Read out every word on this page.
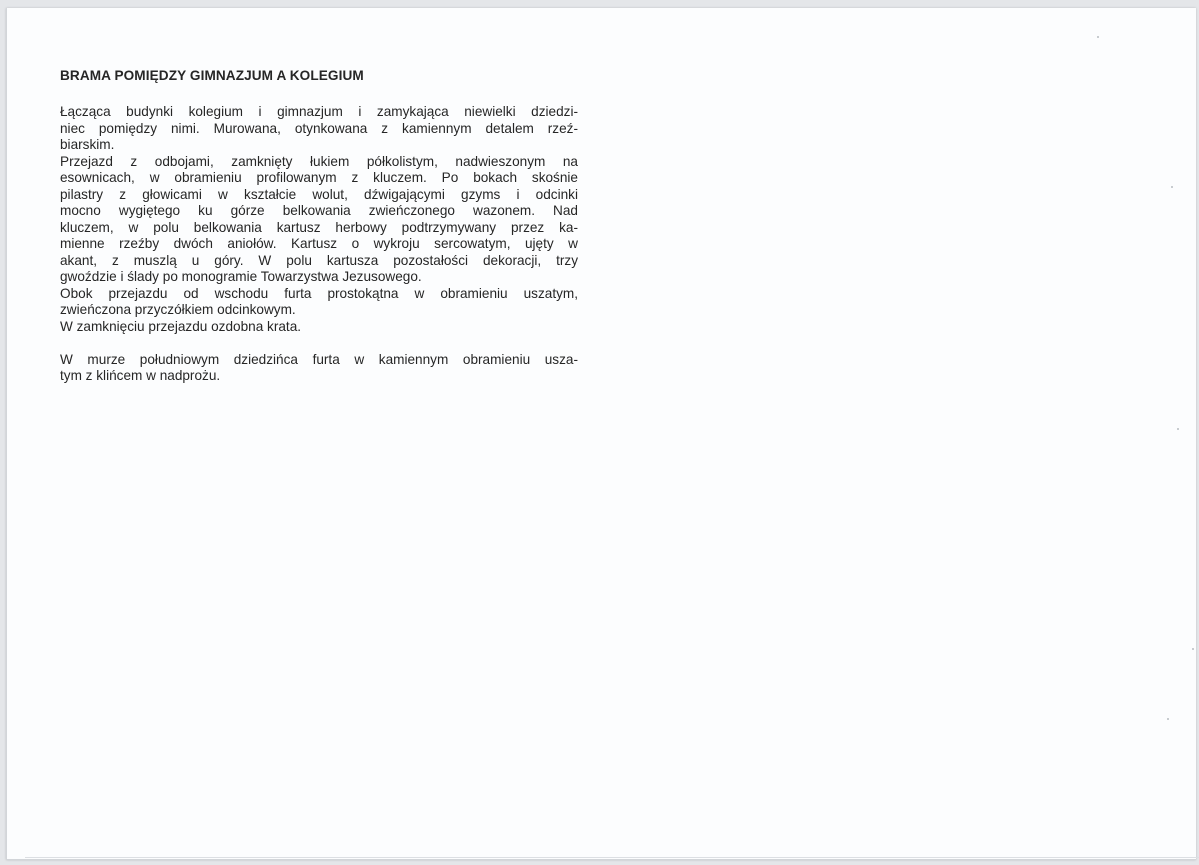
BRAMA POMIĘDZY GIMNAZJUM A KOLEGIUM
Łącząca budynki kolegium i gimnazjum i zamykająca niewielki dziedzi-
niec pomiędzy nimi. Murowana, otynkowana z kamiennym detalem rzeź-
biarskim.
Przejazd z odbojami, zamknięty łukiem półkolistym, nadwieszonym na
esownicach, w obramieniu profilowanym z kluczem. Po bokach skośnie
pilastry z głowicami w kształcie wolut, dźwigającymi gzyms i odcinki
mocno wygiętego ku górze belkowania zwieńczonego wazonem. Nad
kluczem, w polu belkowania kartusz herbowy podtrzymywany przez ka-
mienne rzeźby dwóch aniołów. Kartusz o wykroju sercowatym, ujęty w
akant, z muszlą u góry. W polu kartusza pozostałości dekoracji, trzy
gwoździe i ślady po monogramie Towarzystwa Jezusowego.
Obok przejazdu od wschodu furta prostokątna w obramieniu uszatym,
zwieńczona przyczółkiem odcinkowym.
W zamknięciu przejazdu ozdobna krata.
W murze południowym dziedzińca furta w kamiennym obramieniu usza-
tym z klińcem w nadprożu.
